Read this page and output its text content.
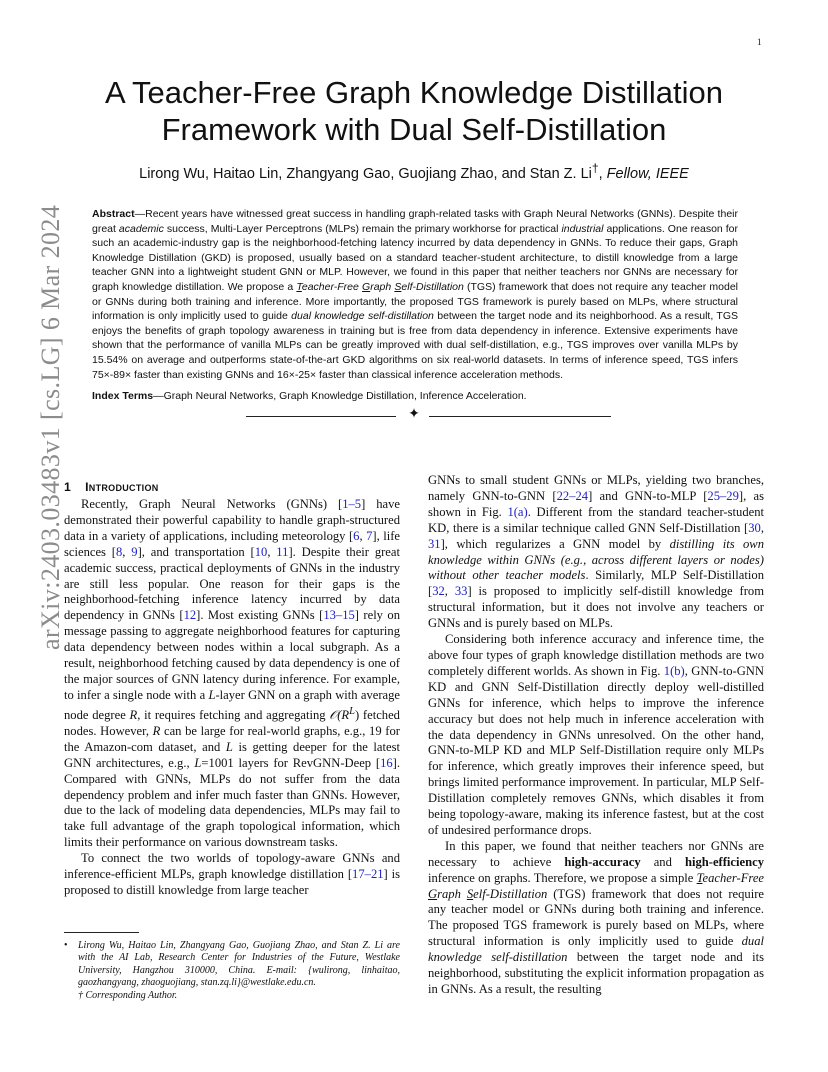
1
arXiv:2403.03483v1 [cs.LG] 6 Mar 2024
A Teacher-Free Graph Knowledge Distillation
Framework with Dual Self-Distillation
Lirong Wu, Haitao Lin, Zhangyang Gao, Guojiang Zhao, and Stan Z. Li†, Fellow, IEEE
Abstract—Recent years have witnessed great success in handling graph-related tasks with Graph Neural Networks (GNNs). Despite their great academic success, Multi-Layer Perceptrons (MLPs) remain the primary workhorse for practical industrial applications. One reason for such an academic-industry gap is the neighborhood-fetching latency incurred by data dependency in GNNs. To reduce their gaps, Graph Knowledge Distillation (GKD) is proposed, usually based on a standard teacher-student architecture, to distill knowledge from a large teacher GNN into a lightweight student GNN or MLP. However, we found in this paper that neither teachers nor GNNs are necessary for graph knowledge distillation. We propose a Teacher-Free Graph Self-Distillation (TGS) framework that does not require any teacher model or GNNs during both training and inference. More importantly, the proposed TGS framework is purely based on MLPs, where structural information is only implicitly used to guide dual knowledge self-distillation between the target node and its neighborhood. As a result, TGS enjoys the benefits of graph topology awareness in training but is free from data dependency in inference. Extensive experiments have shown that the performance of vanilla MLPs can be greatly improved with dual self-distillation, e.g., TGS improves over vanilla MLPs by 15.54% on average and outperforms state-of-the-art GKD algorithms on six real-world datasets. In terms of inference speed, TGS infers 75×-89× faster than existing GNNs and 16×-25× faster than classical inference acceleration methods.
Index Terms—Graph Neural Networks, Graph Knowledge Distillation, Inference Acceleration.
✦
1 Introduction

Recently, Graph Neural Networks (GNNs) [1–5] have demonstrated their powerful capability to handle graph-structured data in a variety of applications, including meteorology [6, 7], life sciences [8, 9], and transportation [10, 11]. Despite their great academic success, practical deployments of GNNs in the industry are still less popular. One reason for their gaps is the neighborhood-fetching inference latency incurred by data dependency in GNNs [12]. Most existing GNNs [13–15] rely on message passing to aggregate neighborhood features for capturing data dependency between nodes within a local subgraph. As a result, neighborhood fetching caused by data dependency is one of the major sources of GNN latency during inference. For example, to infer a single node with a L-layer GNN on a graph with average node degree R, it requires fetching and aggregating $𝒪(R^L)$ fetched nodes. However, R can be large for real-world graphs, e.g., 19 for the Amazon-com dataset, and L is getting deeper for the latest GNN architectures, e.g., L=1001 layers for RevGNN-Deep [16]. Compared with GNNs, MLPs do not suffer from the data dependency problem and infer much faster than GNNs. However, due to the lack of modeling data dependencies, MLPs may fail to take full advantage of the graph topological information, which limits their performance on various downstream tasks.

To connect the two worlds of topology-aware GNNs and inference-efficient MLPs, graph knowledge distillation [17–21] is proposed to distill knowledge from large teacher

GNNs to small student GNNs or MLPs, yielding two branches, namely GNN-to-GNN [22–24] and GNN-to-MLP [25–29], as shown in Fig. 1(a). Different from the standard teacher-student KD, there is a similar technique called GNN Self-Distillation [30, 31], which regularizes a GNN model by distilling its own knowledge within GNNs (e.g., across different layers or nodes) without other teacher models. Similarly, MLP Self-Distillation [32, 33] is proposed to implicitly self-distill knowledge from structural information, but it does not involve any teachers or GNNs and is purely based on MLPs.

Considering both inference accuracy and inference time, the above four types of graph knowledge distillation methods are two completely different worlds. As shown in Fig. 1(b), GNN-to-GNN KD and GNN Self-Distillation directly deploy well-distilled GNNs for inference, which helps to improve the inference accuracy but does not help much in inference acceleration with the data dependency in GNNs unresolved. On the other hand, GNN-to-MLP KD and MLP Self-Distillation require only MLPs for inference, which greatly improves their inference speed, but brings limited performance improvement. In particular, MLP Self-Distillation completely removes GNNs, which disables it from being topology-aware, making its inference fastest, but at the cost of undesired performance drops.

In this paper, we found that neither teachers nor GNNs are necessary to achieve high-accuracy and high-efficiency inference on graphs. Therefore, we propose a simple Teacher-Free Graph Self-Distillation (TGS) framework that does not require any teacher model or GNNs during both training and inference. The proposed TGS framework is purely based on MLPs, where structural information is only implicitly used to guide dual knowledge self-distillation between the target node and its neighborhood, substituting the explicit information propagation as in GNNs. As a result, the resulting

•	Lirong Wu, Haitao Lin, Zhangyang Gao, Guojiang Zhao, and Stan Z. Li are with the AI Lab, Research Center for Industries of the Future, Westlake University, Hangzhou 310000, China. E-mail: {wulirong, linhaitao, gaozhangyang, zhaoguojiang, stan.zq.li}@westlake.edu.cn.
† Corresponding Author.
